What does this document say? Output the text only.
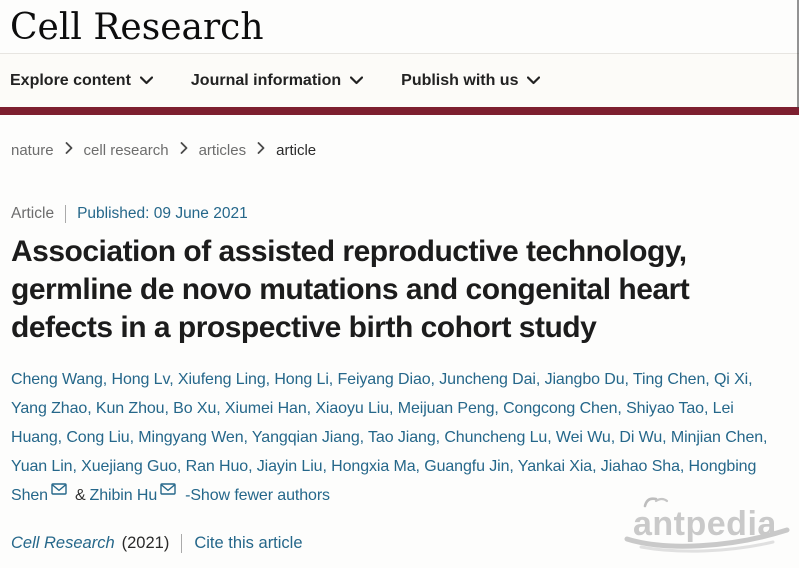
Cell Research
Explore content	Journal information	Publish with us
nature cell research articles article
Article Published: 09 June 2021
Association of assisted reproductive technology,
germline de novo mutations and congenital heart
defects in a prospective birth cohort study
Cheng Wang, Hong Lv, Xiufeng Ling, Hong Li, Feiyang Diao, Juncheng Dai, Jiangbo Du, Ting Chen, Qi Xi,
Yang Zhao, Kun Zhou, Bo Xu, Xiumei Han, Xiaoyu Liu, Meijuan Peng, Congcong Chen, Shiyao Tao, Lei
Huang, Cong Liu, Mingyang Wen, Yangqian Jiang, Tao Jiang, Chuncheng Lu, Wei Wu, Di Wu, Minjian Chen,
Yuan Lin, Xuejiang Guo, Ran Huo, Jiayin Liu, Hongxia Ma, Guangfu Jin, Yankai Xia, Jiahao Sha, Hongbing
Shen & Zhibin Hu -Show fewer authors
Cell Research (2021) Cite this article	antpedia
